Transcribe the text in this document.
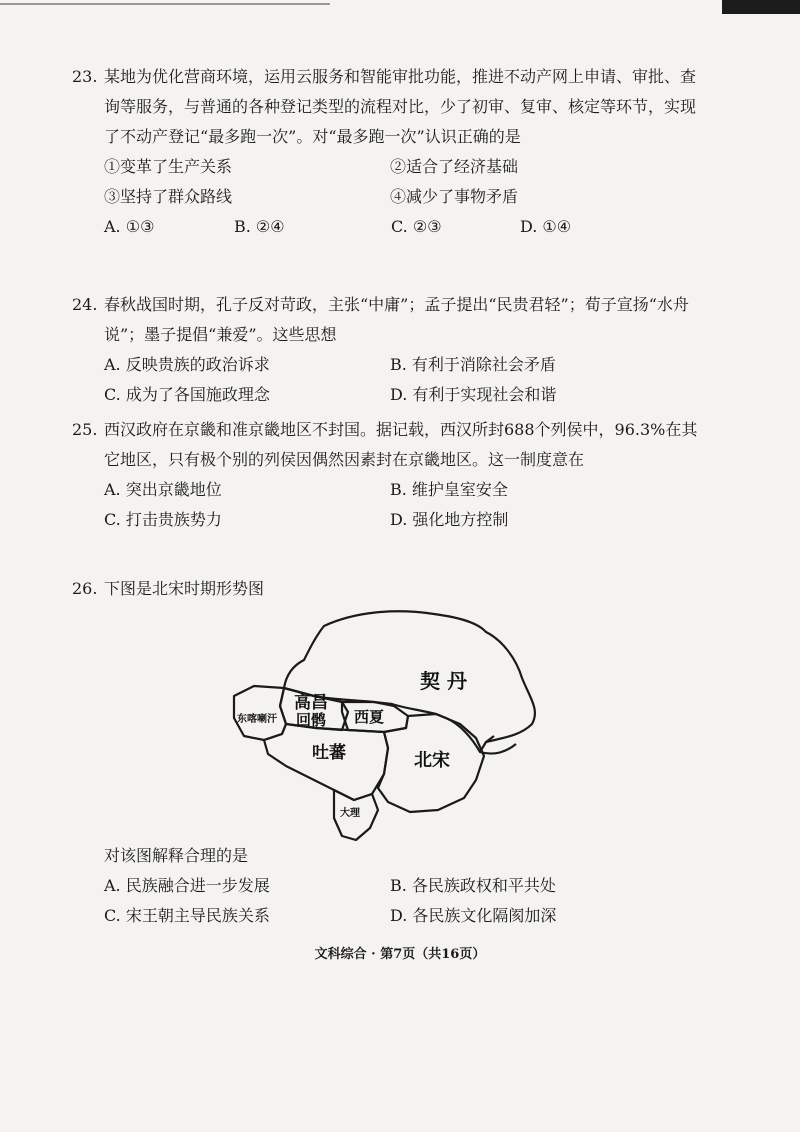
23. 某地为优化营商环境，运用云服务和智能审批功能，推进不动产网上申请、审批、查询等服务，与普通的各种登记类型的流程对比，少了初审、复审、核定等环节，实现了不动产登记“最多跑一次”。对“最多跑一次”认识正确的是
①变革了生产关系	②适合了经济基础
③坚持了群众路线	④减少了事物矛盾
A. ①③	B. ②④	C. ②③	D. ①④
24. 春秋战国时期，孔子反对苛政，主张“中庸”；孟子提出“民贵君轻”；荀子宣扬“水舟说”；墨子提倡“兼爱”。这些思想
A. 反映贵族的政治诉求	B. 有利于消除社会矛盾
C. 成为了各国施政理念	D. 有利于实现社会和谐
25. 西汉政府在京畿和准京畿地区不封国。据记载，西汉所封688个列侯中，96.3%在其它地区，只有极个别的列侯因偶然因素封在京畿地区。这一制度意在
A. 突出京畿地位	B. 维护皇室安全
C. 打击贵族势力	D. 强化地方控制
26. 下图是北宋时期形势图
契 丹
高昌
回鹘 西夏
吐蕃	北宋
东喀喇汗
大理
对该图解释合理的是
A. 民族融合进一步发展	B. 各民族政权和平共处
C. 宋王朝主导民族关系	D. 各民族文化隔阂加深
文科综合 · 第7页（共16页）
